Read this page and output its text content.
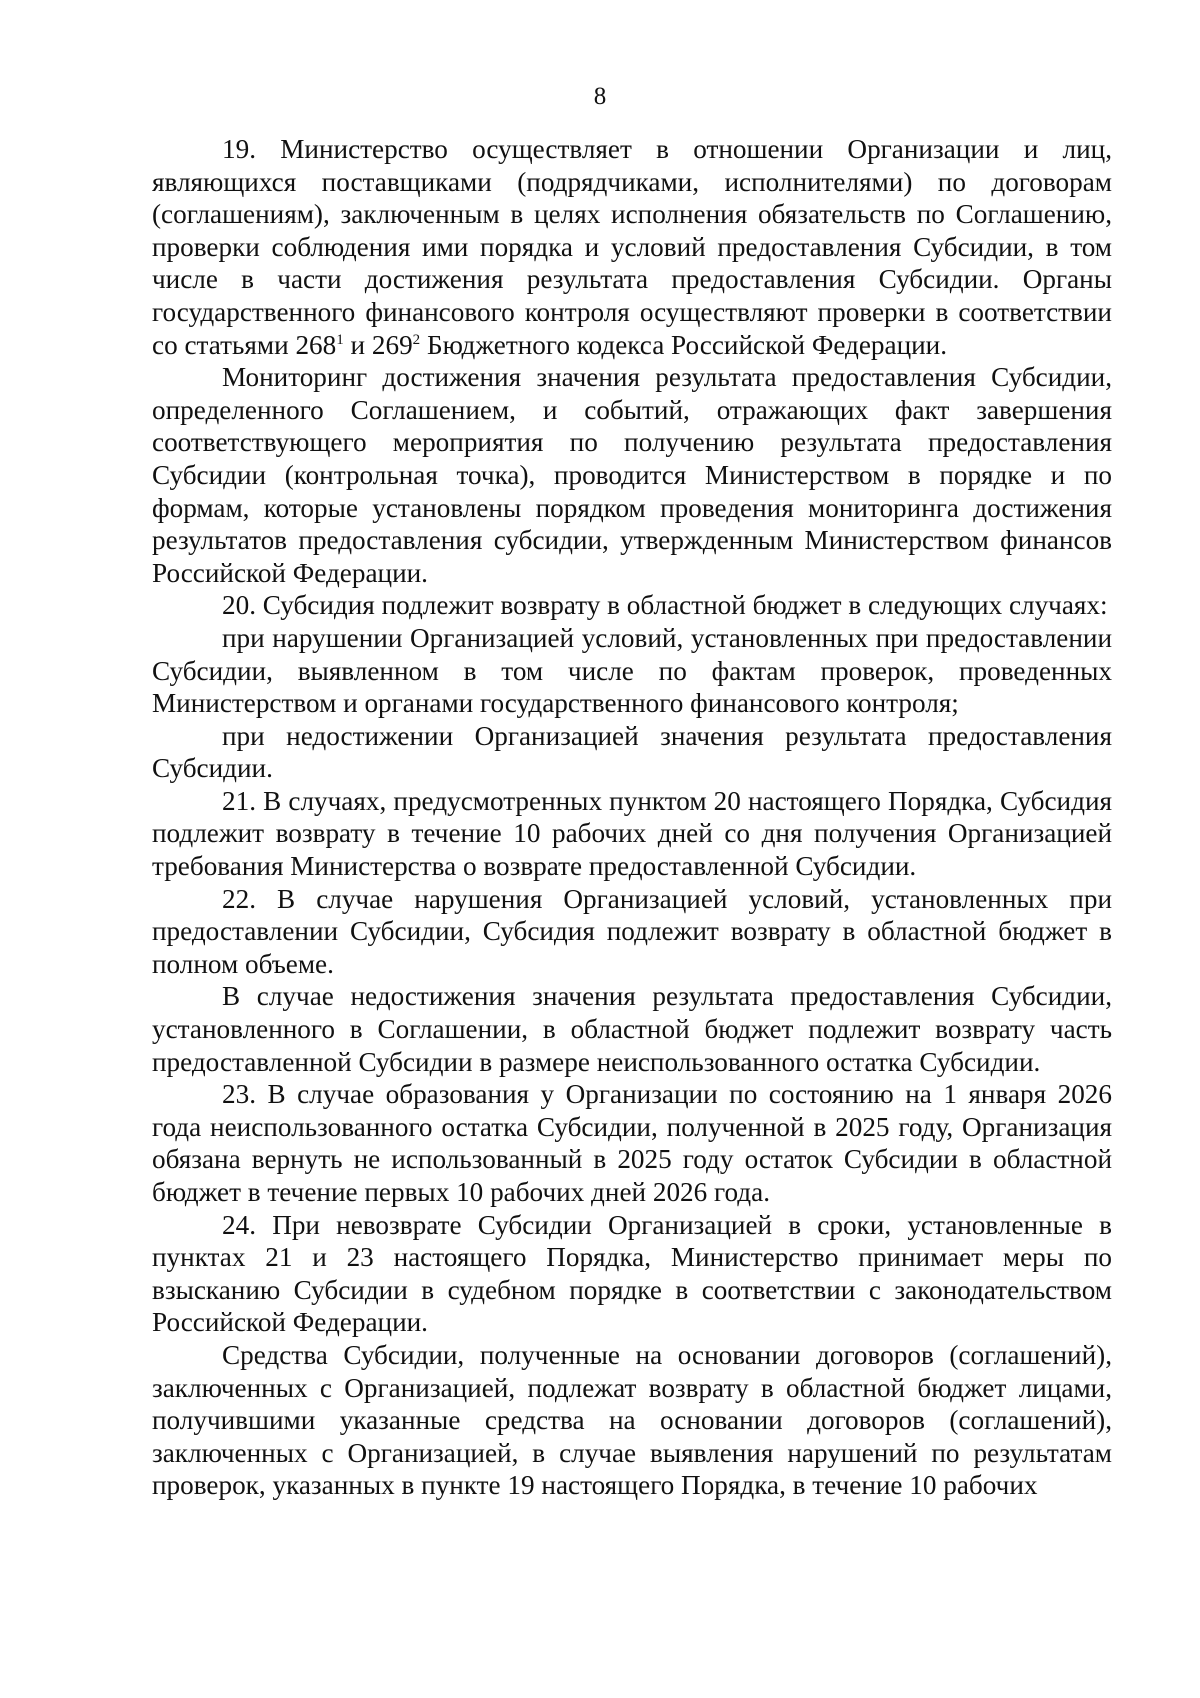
8

19. Министерство осуществляет в отношении Организации и лиц, являющихся поставщиками (подрядчиками, исполнителями) по договорам (соглашениям), заключенным в целях исполнения обязательств по Соглашению, проверки соблюдения ими порядка и условий предоставления Субсидии, в том числе в части достижения результата предоставления Субсидии. Органы государственного финансового контроля осуществляют проверки в соответствии со статьями $268^1$ и $269^2$ Бюджетного кодекса Российской Федерации.

Мониторинг достижения значения результата предоставления Субсидии, определенного Соглашением, и событий, отражающих факт завершения соответствующего мероприятия по получению результата предоставления Субсидии (контрольная точка), проводится Министерством в порядке и по формам, которые установлены порядком проведения мониторинга достижения результатов предоставления субсидии, утвержденным Министерством финансов Российской Федерации.

20. Субсидия подлежит возврату в областной бюджет в следующих случаях:

при нарушении Организацией условий, установленных при предоставлении Субсидии, выявленном в том числе по фактам проверок, проведенных Министерством и органами государственного финансового контроля;

при недостижении Организацией значения результата предоставления Субсидии.

21. В случаях, предусмотренных пунктом 20 настоящего Порядка, Субсидия подлежит возврату в течение 10 рабочих дней со дня получения Организацией требования Министерства о возврате предоставленной Субсидии.

22. В случае нарушения Организацией условий, установленных при предоставлении Субсидии, Субсидия подлежит возврату в областной бюджет в полном объеме.

В случае недостижения значения результата предоставления Субсидии, установленного в Соглашении, в областной бюджет подлежит возврату часть предоставленной Субсидии в размере неиспользованного остатка Субсидии.

23. В случае образования у Организации по состоянию на 1 января 2026 года неиспользованного остатка Субсидии, полученной в 2025 году, Организация обязана вернуть не использованный в 2025 году остаток Субсидии в областной бюджет в течение первых 10 рабочих дней 2026 года.

24. При невозврате Субсидии Организацией в сроки, установленные в пунктах 21 и 23 настоящего Порядка, Министерство принимает меры по взысканию Субсидии в судебном порядке в соответствии с законодательством Российской Федерации.

Средства Субсидии, полученные на основании договоров (соглашений), заключенных с Организацией, подлежат возврату в областной бюджет лицами, получившими указанные средства на основании договоров (соглашений), заключенных с Организацией, в случае выявления нарушений по результатам проверок, указанных в пункте 19 настоящего Порядка, в течение 10 рабочих
